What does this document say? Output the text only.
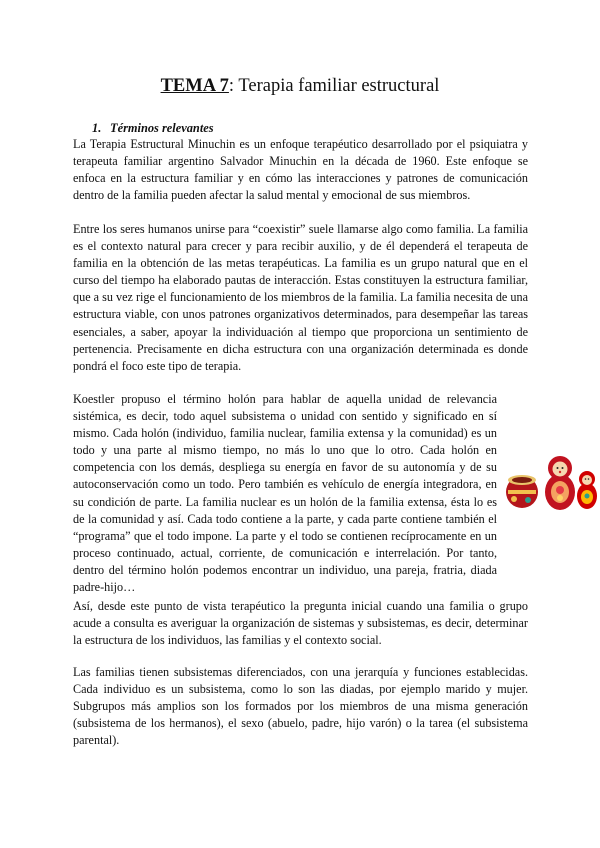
TEMA 7: Terapia familiar estructural
1. Términos relevantes

La Terapia Estructural Minuchin es un enfoque terapéutico desarrollado por el psiquiatra y terapeuta familiar argentino Salvador Minuchin en la década de 1960. Este enfoque se enfoca en la estructura familiar y en cómo las interacciones y patrones de comunicación dentro de la familia pueden afectar la salud mental y emocional de sus miembros.

Entre los seres humanos unirse para “coexistir” suele llamarse algo como familia. La familia es el contexto natural para crecer y para recibir auxilio, y de él dependerá el terapeuta de familia en la obtención de las metas terapéuticas. La familia es un grupo natural que en el curso del tiempo ha elaborado pautas de interacción. Estas constituyen la estructura familiar, que a su vez rige el funcionamiento de los miembros de la familia. La familia necesita de una estructura viable, con unos patrones organizativos determinados, para desempeñar las tareas esenciales, a saber, apoyar la individuación al tiempo que proporciona un sentimiento de pertenencia. Precisamente en dicha estructura con una organización determinada es donde pondrá el foco este tipo de terapia.

Koestler propuso el término holón para hablar de aquella unidad de relevancia sistémica, es decir, todo aquel subsistema o unidad con sentido y significado en sí mismo. Cada holón (individuo, familia nuclear, familia extensa y la comunidad) es un todo y una parte al mismo tiempo, no más lo uno que lo otro. Cada holón en competencia con los demás, despliega su energía en favor de su autonomía y de su autoconservación como un todo. Pero también es vehículo de energía integradora, en su condición de parte. La familia nuclear es un holón de la familia extensa, ésta lo es de la comunidad y así. Cada todo contiene a la parte, y cada parte contiene también el “programa” que el todo impone. La parte y el todo se contienen recíprocamente en un proceso continuado, actual, corriente, de comunicación e interrelación. Por tanto, dentro del término holón podemos encontrar un individuo, una pareja, fratria, diada padre-hijo…

Así, desde este punto de vista terapéutico la pregunta inicial cuando una familia o grupo acude a consulta es averiguar la organización de sistemas y subsistemas, es decir, determinar la estructura de los individuos, las familias y el contexto social.

Las familias tienen subsistemas diferenciados, con una jerarquía y funciones establecidas. Cada individuo es un subsistema, como lo son las diadas, por ejemplo marido y mujer. Subgrupos más amplios son los formados por los miembros de una misma generación (subsistema de los hermanos), el sexo (abuelo, padre, hijo varón) o la tarea (el subsistema parental).
